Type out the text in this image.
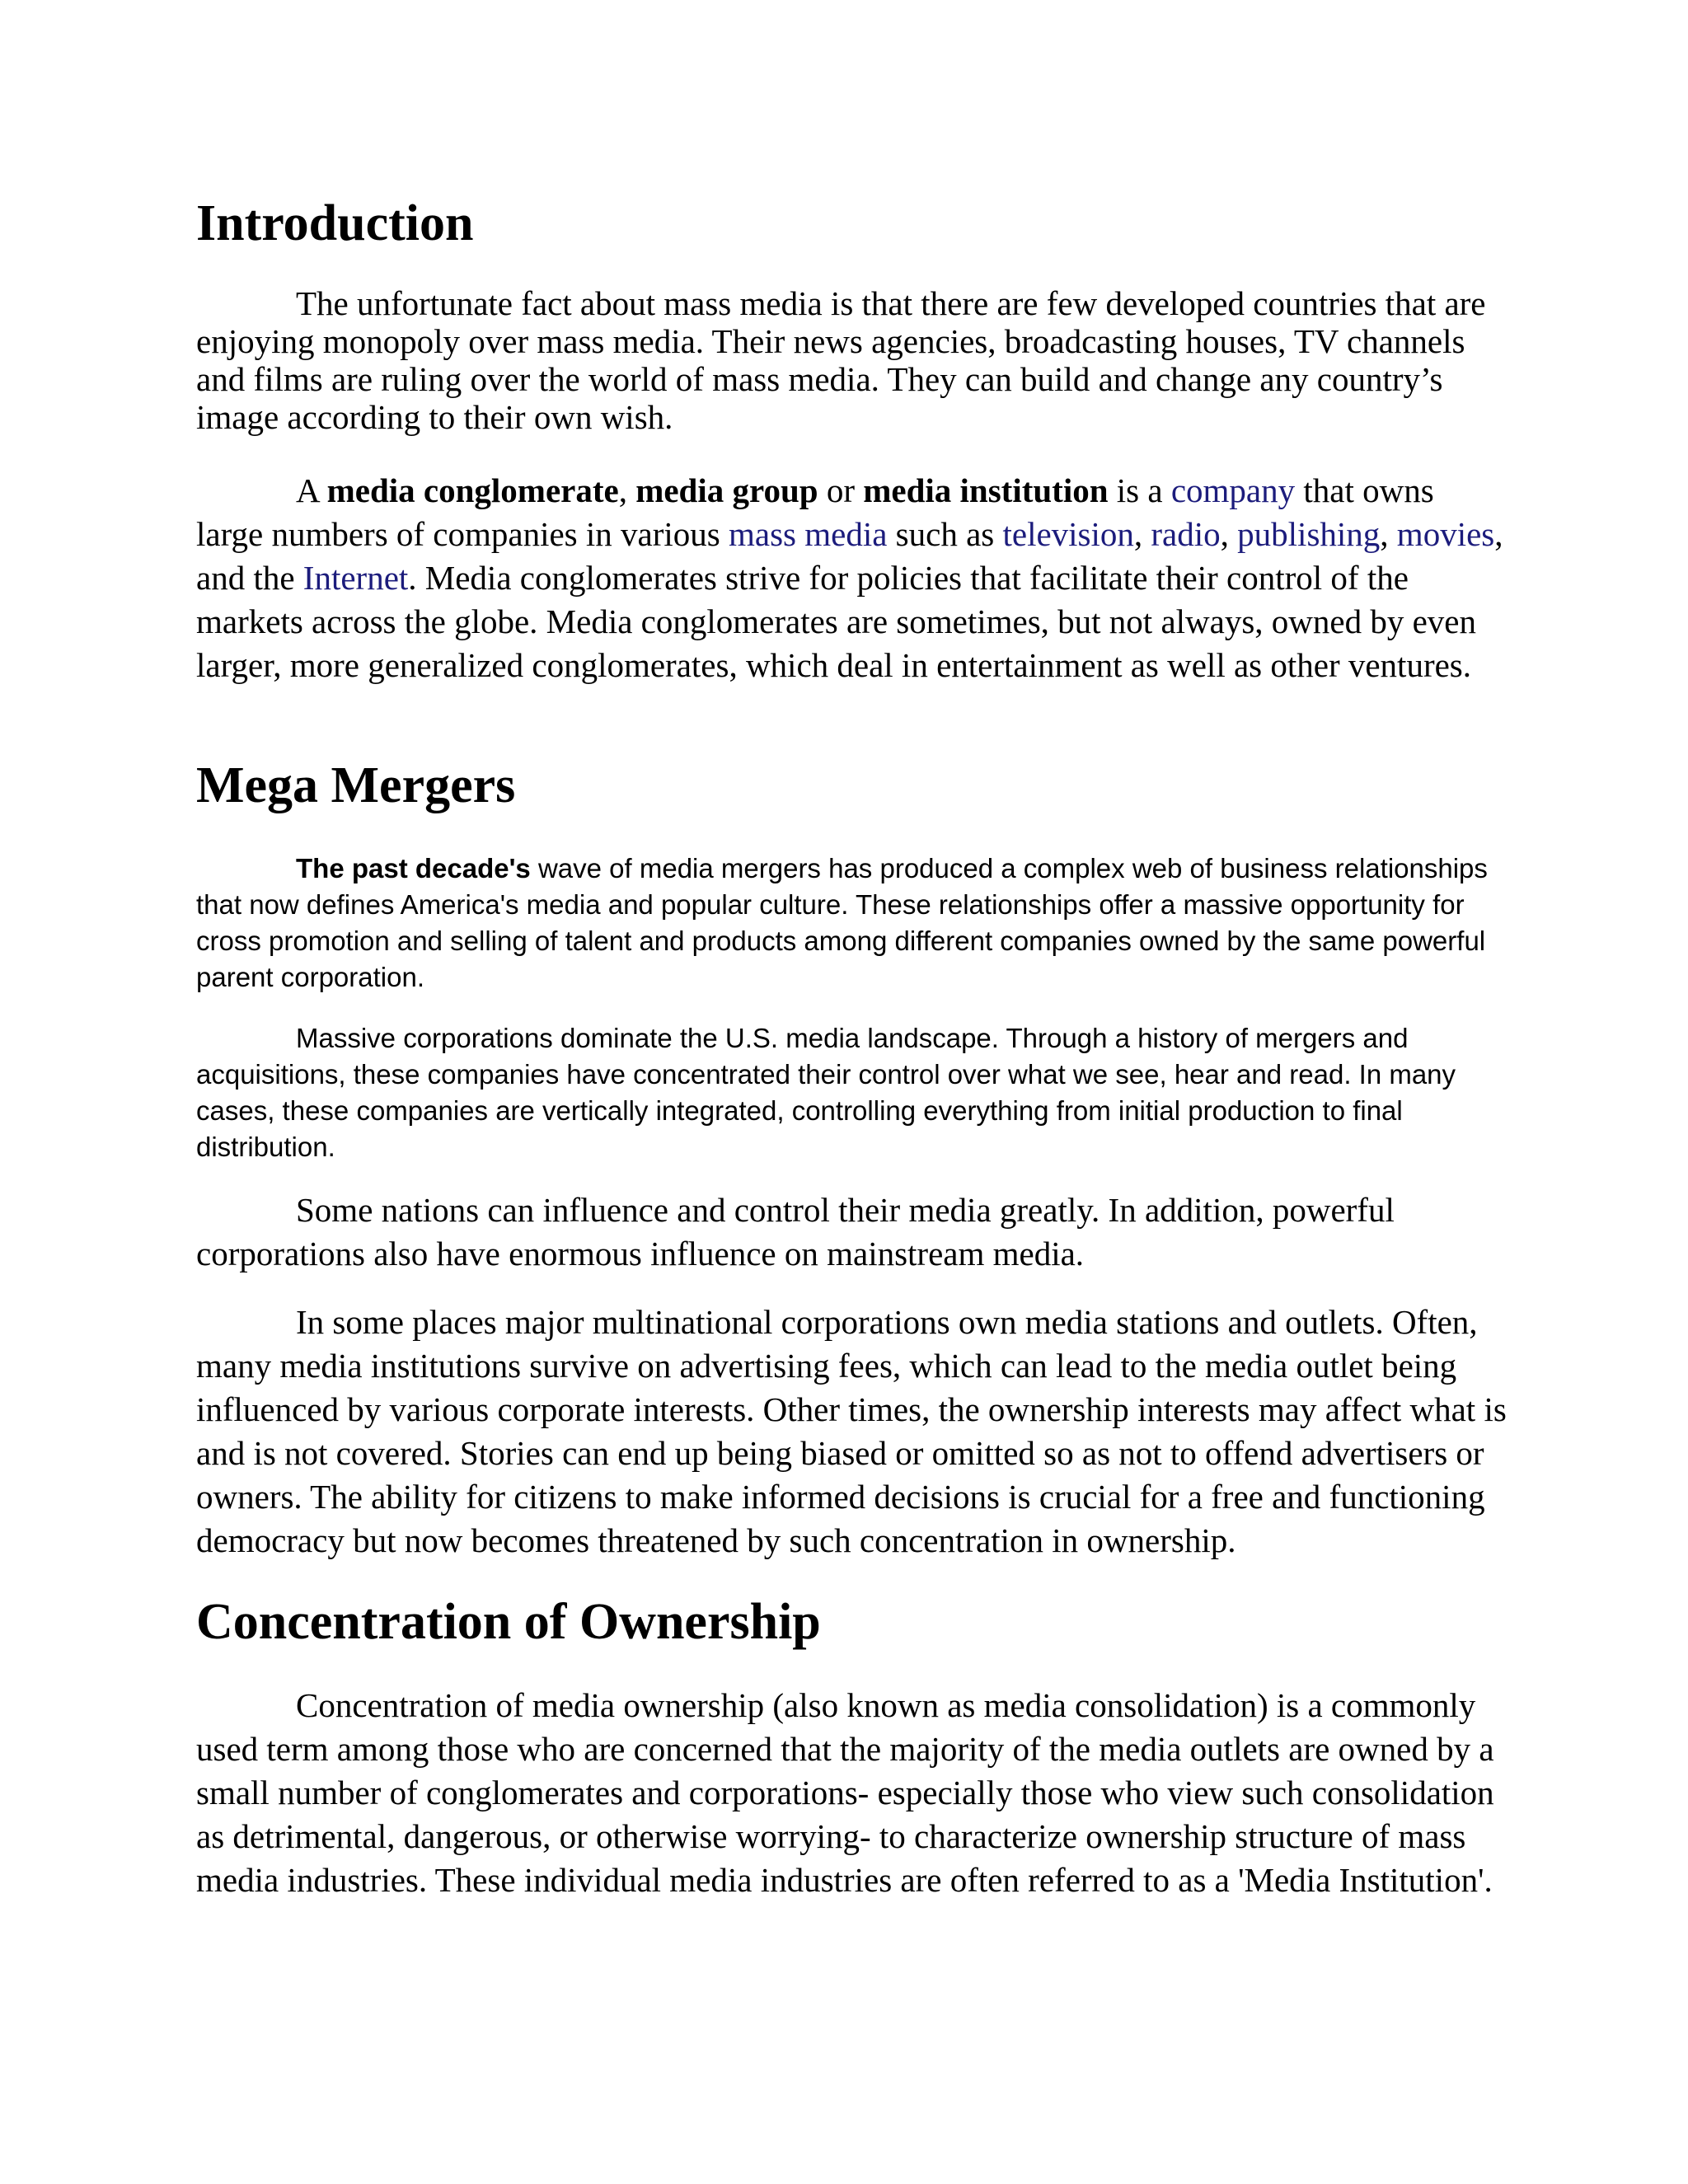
Introduction

The unfortunate fact about mass media is that there are few developed countries that are enjoying monopoly over mass media. Their news agencies, broadcasting houses, TV channels and films are ruling over the world of mass media. They can build and change any country’s image according to their own wish.

A media conglomerate, media group or media institution is a company that owns large numbers of companies in various mass media such as television, radio, publishing, movies, and the Internet. Media conglomerates strive for policies that facilitate their control of the markets across the globe. Media conglomerates are sometimes, but not always, owned by even larger, more generalized conglomerates, which deal in entertainment as well as other ventures.

Mega Mergers

The past decade's wave of media mergers has produced a complex web of business relationships that now defines America's media and popular culture. These relationships offer a massive opportunity for cross promotion and selling of talent and products among different companies owned by the same powerful parent corporation.

Massive corporations dominate the U.S. media landscape. Through a history of mergers and acquisitions, these companies have concentrated their control over what we see, hear and read. In many cases, these companies are vertically integrated, controlling everything from initial production to final distribution.

Some nations can influence and control their media greatly. In addition, powerful corporations also have enormous influence on mainstream media.

In some places major multinational corporations own media stations and outlets. Often, many media institutions survive on advertising fees, which can lead to the media outlet being influenced by various corporate interests. Other times, the ownership interests may affect what is and is not covered. Stories can end up being biased or omitted so as not to offend advertisers or owners. The ability for citizens to make informed decisions is crucial for a free and functioning democracy but now becomes threatened by such concentration in ownership.

Concentration of Ownership

Concentration of media ownership (also known as media consolidation) is a commonly used term among those who are concerned that the majority of the media outlets are owned by a small number of conglomerates and corporations- especially those who view such consolidation as detrimental, dangerous, or otherwise worrying- to characterize ownership structure of mass media industries. These individual media industries are often referred to as a 'Media Institution'.
